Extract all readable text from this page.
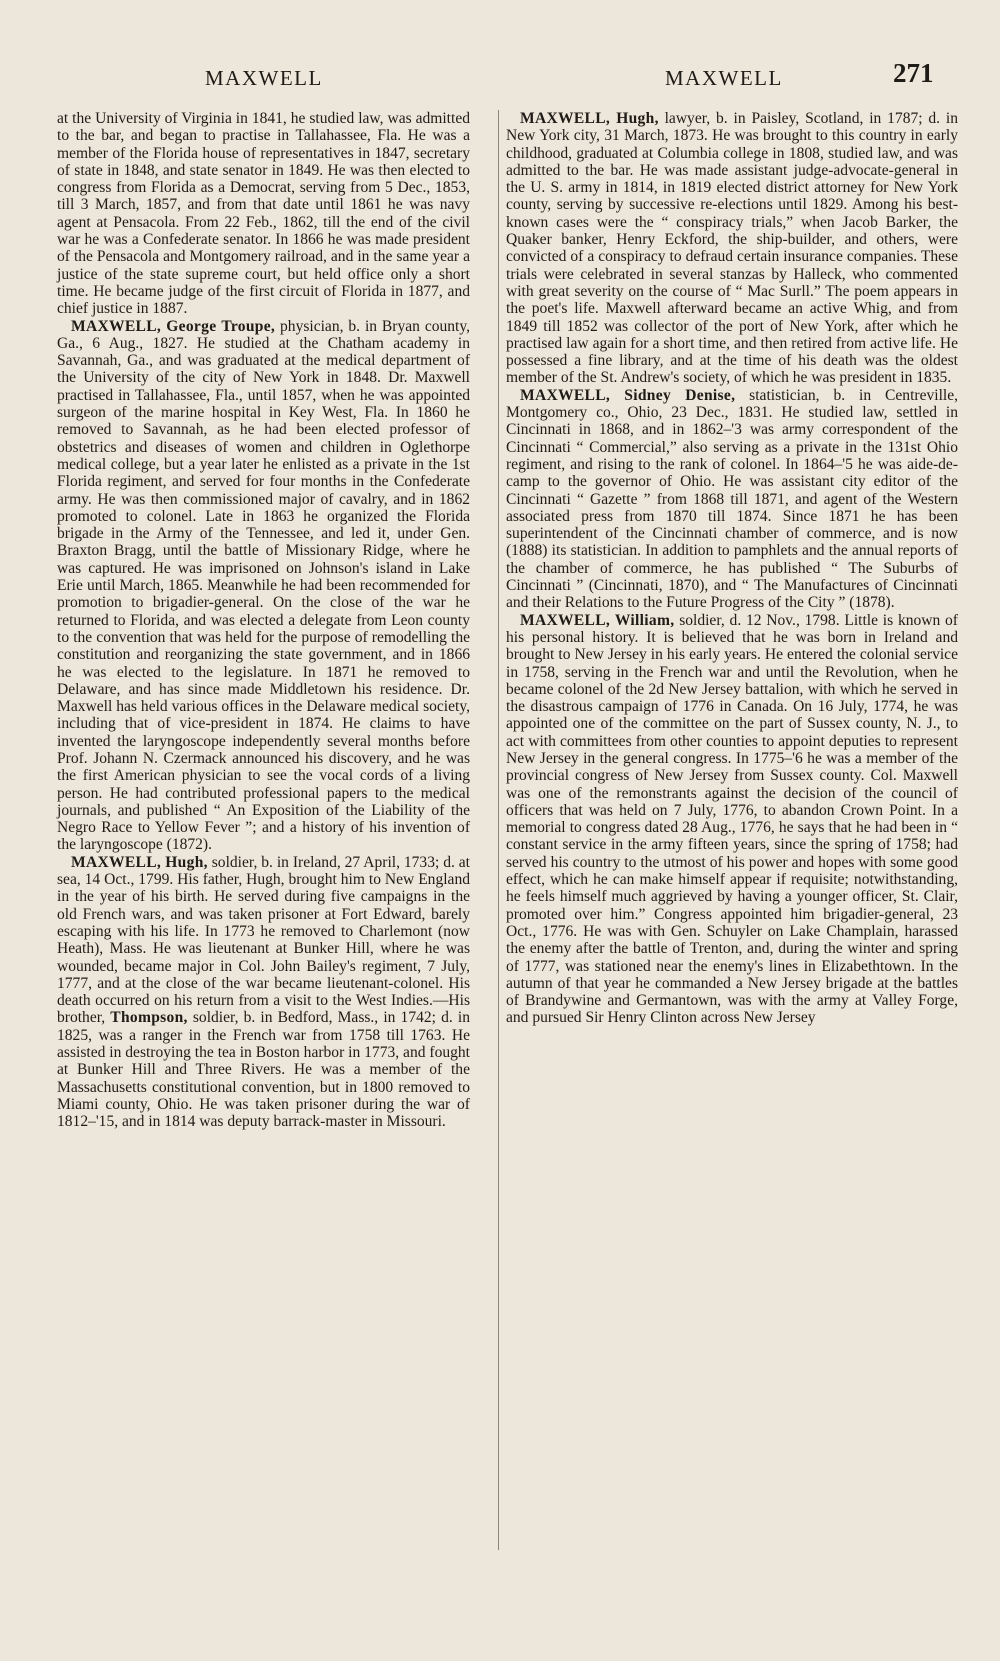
MAXWELL	MAXWELL	271

at the University of Virginia in 1841, he studied law, was admitted to the bar, and began to practise in Tallahassee, Fla. He was a member of the Florida house of representatives in 1847, secretary of state in 1848, and state senator in 1849. He was then elected to congress from Florida as a Democrat, serving from 5 Dec., 1853, till 3 March, 1857, and from that date until 1861 he was navy agent at Pensacola. From 22 Feb., 1862, till the end of the civil war he was a Confederate senator. In 1866 he was made president of the Pensacola and Montgomery railroad, and in the same year a justice of the state supreme court, but held office only a short time. He became judge of the first circuit of Florida in 1877, and chief justice in 1887.

MAXWELL, George Troupe, physician, b. in Bryan county, Ga., 6 Aug., 1827. He studied at the Chatham academy in Savannah, Ga., and was graduated at the medical department of the University of the city of New York in 1848. Dr. Maxwell practised in Tallahassee, Fla., until 1857, when he was appointed surgeon of the marine hospital in Key West, Fla. In 1860 he removed to Savannah, as he had been elected professor of obstetrics and diseases of women and children in Oglethorpe medical college, but a year later he enlisted as a private in the 1st Florida regiment, and served for four months in the Confederate army. He was then commissioned major of cavalry, and in 1862 promoted to colonel. Late in 1863 he organized the Florida brigade in the Army of the Tennessee, and led it, under Gen. Braxton Bragg, until the battle of Missionary Ridge, where he was captured. He was imprisoned on Johnson's island in Lake Erie until March, 1865. Meanwhile he had been recommended for promotion to brigadier-general. On the close of the war he returned to Florida, and was elected a delegate from Leon county to the convention that was held for the purpose of remodelling the constitution and reorganizing the state government, and in 1866 he was elected to the legislature. In 1871 he removed to Delaware, and has since made Middletown his residence. Dr. Maxwell has held various offices in the Delaware medical society, including that of vice-president in 1874. He claims to have invented the laryngoscope independently several months before Prof. Johann N. Czermack announced his discovery, and he was the first American physician to see the vocal cords of a living person. He had contributed professional papers to the medical journals, and published “ An Exposition of the Liability of the Negro Race to Yellow Fever ”; and a history of his invention of the laryngoscope (1872).

MAXWELL, Hugh, soldier, b. in Ireland, 27 April, 1733; d. at sea, 14 Oct., 1799. His father, Hugh, brought him to New England in the year of his birth. He served during five campaigns in the old French wars, and was taken prisoner at Fort Edward, barely escaping with his life. In 1773 he removed to Charlemont (now Heath), Mass. He was lieutenant at Bunker Hill, where he was wounded, became major in Col. John Bailey's regiment, 7 July, 1777, and at the close of the war became lieutenant-colonel. His death occurred on his return from a visit to the West Indies.—His brother, Thompson, soldier, b. in Bedford, Mass., in 1742; d. in 1825, was a ranger in the French war from 1758 till 1763. He assisted in destroying the tea in Boston harbor in 1773, and fought at Bunker Hill and Three Rivers. He was a member of the Massachusetts constitutional convention, but in 1800 removed to Miami county, Ohio. He was taken prisoner during the war of 1812–'15, and in 1814 was deputy barrack-master in Missouri.

MAXWELL, Hugh, lawyer, b. in Paisley, Scotland, in 1787; d. in New York city, 31 March, 1873. He was brought to this country in early childhood, graduated at Columbia college in 1808, studied law, and was admitted to the bar. He was made assistant judge-advocate-general in the U. S. army in 1814, in 1819 elected district attorney for New York county, serving by successive re-elections until 1829. Among his best-known cases were the “ conspiracy trials,” when Jacob Barker, the Quaker banker, Henry Eckford, the ship-builder, and others, were convicted of a conspiracy to defraud certain insurance companies. These trials were celebrated in several stanzas by Halleck, who commented with great severity on the course of “ Mac Surll.” The poem appears in the poet's life. Maxwell afterward became an active Whig, and from 1849 till 1852 was collector of the port of New York, after which he practised law again for a short time, and then retired from active life. He possessed a fine library, and at the time of his death was the oldest member of the St. Andrew's society, of which he was president in 1835.

MAXWELL, Sidney Denise, statistician, b. in Centreville, Montgomery co., Ohio, 23 Dec., 1831. He studied law, settled in Cincinnati in 1868, and in 1862–'3 was army correspondent of the Cincinnati “ Commercial,” also serving as a private in the 131st Ohio regiment, and rising to the rank of colonel. In 1864–'5 he was aide-de-camp to the governor of Ohio. He was assistant city editor of the Cincinnati “ Gazette ” from 1868 till 1871, and agent of the Western associated press from 1870 till 1874. Since 1871 he has been superintendent of the Cincinnati chamber of commerce, and is now (1888) its statistician. In addition to pamphlets and the annual reports of the chamber of commerce, he has published “ The Suburbs of Cincinnati ” (Cincinnati, 1870), and “ The Manufactures of Cincinnati and their Relations to the Future Progress of the City ” (1878).

MAXWELL, William, soldier, d. 12 Nov., 1798. Little is known of his personal history. It is believed that he was born in Ireland and brought to New Jersey in his early years. He entered the colonial service in 1758, serving in the French war and until the Revolution, when he became colonel of the 2d New Jersey battalion, with which he served in the disastrous campaign of 1776 in Canada. On 16 July, 1774, he was appointed one of the committee on the part of Sussex county, N. J., to act with committees from other counties to appoint deputies to represent New Jersey in the general congress. In 1775–'6 he was a member of the provincial congress of New Jersey from Sussex county. Col. Maxwell was one of the remonstrants against the decision of the council of officers that was held on 7 July, 1776, to abandon Crown Point. In a memorial to congress dated 28 Aug., 1776, he says that he had been in “ constant service in the army fifteen years, since the spring of 1758; had served his country to the utmost of his power and hopes with some good effect, which he can make himself appear if requisite; notwithstanding, he feels himself much aggrieved by having a younger officer, St. Clair, promoted over him.” Congress appointed him brigadier-general, 23 Oct., 1776. He was with Gen. Schuyler on Lake Champlain, harassed the enemy after the battle of Trenton, and, during the winter and spring of 1777, was stationed near the enemy's lines in Elizabethtown. In the autumn of that year he commanded a New Jersey brigade at the battles of Brandywine and Germantown, was with the army at Valley Forge, and pursued Sir Henry Clinton across New Jersey
